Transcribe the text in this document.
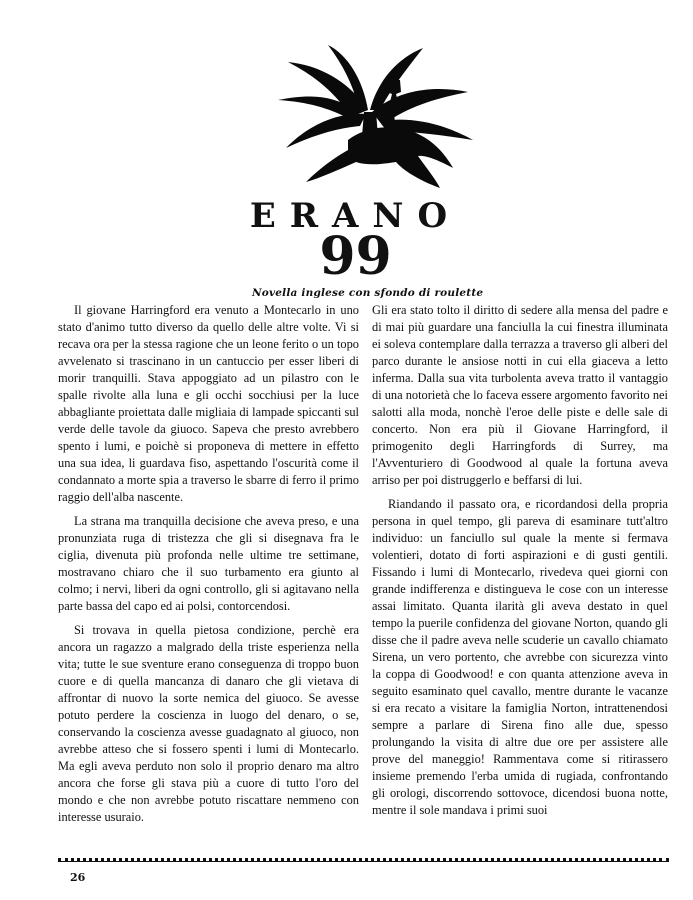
ERANO
99

Novella inglese con sfondo di roulette

Il giovane Harringford era venuto a Montecarlo in uno stato d'animo tutto diverso da quello delle altre volte. Vi si recava ora per la stessa ragione che un leone ferito o un topo avvelenato si trascinano in un cantuccio per esser liberi di morir tranquilli. Stava appoggiato ad un pilastro con le spalle rivolte alla luna e gli occhi socchiusi per la luce abbagliante proiettata dalle migliaia di lampade spiccanti sul verde delle tavole da giuoco. Sapeva che presto avrebbero spento i lumi, e poichè si proponeva di mettere in effetto una sua idea, li guardava fiso, aspettando l'oscurità come il condannato a morte spia a traverso le sbarre di ferro il primo raggio dell'alba nascente.

La strana ma tranquilla decisione che aveva preso, e una pronunziata ruga di tristezza che gli si disegnava fra le ciglia, divenuta più profonda nelle ultime tre settimane, mostravano chiaro che il suo turbamento era giunto al colmo; i nervi, liberi da ogni controllo, gli si agitavano nella parte bassa del capo ed ai polsi, contorcendosi.

Si trovava in quella pietosa condizione, perchè era ancora un ragazzo a malgrado della triste esperienza nella vita; tutte le sue sventure erano conseguenza di troppo buon cuore e di quella mancanza di danaro che gli vietava di affrontar di nuovo la sorte nemica del giuoco. Se avesse potuto perdere la coscienza in luogo del denaro, o se, conservando la coscienza avesse guadagnato al giuoco, non avrebbe atteso che si fossero spenti i lumi di Montecarlo. Ma egli aveva perduto non solo il proprio denaro ma altro ancora che forse gli stava più a cuore di tutto l'oro del mondo e che non avrebbe potuto riscattare nemmeno con interesse usuraio.

Gli era stato tolto il diritto di sedere alla mensa del padre e di mai più guardare una fanciulla la cui finestra illuminata ei soleva contemplare dalla terrazza a traverso gli alberi del parco durante le ansiose notti in cui ella giaceva a letto inferma. Dalla sua vita turbolenta aveva tratto il vantaggio di una notorietà che lo faceva essere argomento favorito nei salotti alla moda, nonchè l'eroe delle piste e delle sale di concerto. Non era più il Giovane Harringford, il primogenito degli Harringfords di Surrey, ma l'Avventuriero di Goodwood al quale la fortuna aveva arriso per poi distruggerlo e beffarsi di lui.

Riandando il passato ora, e ricordandosi della propria persona in quel tempo, gli pareva di esaminare tutt'altro individuo: un fanciullo sul quale la mente si fermava volentieri, dotato di forti aspirazioni e di gusti gentili. Fissando i lumi di Montecarlo, rivedeva quei giorni con grande indifferenza e distingueva le cose con un interesse assai limitato. Quanta ilarità gli aveva destato in quel tempo la puerile confidenza del giovane Norton, quando gli disse che il padre aveva nelle scuderie un cavallo chiamato Sirena, un vero portento, che avrebbe con sicurezza vinto la coppa di Goodwood! e con quanta attenzione aveva in seguito esaminato quel cavallo, mentre durante le vacanze si era recato a visitare la famiglia Norton, intrattenendosi sempre a parlare di Sirena fino alle due, spesso prolungando la visita di altre due ore per assistere alle prove del maneggio! Rammentava come si ritirassero insieme premendo l'erba umida di rugiada, confrontando gli orologi, discorrendo sottovoce, dicendosi buona notte, mentre il sole mandava i primi suoi

26
